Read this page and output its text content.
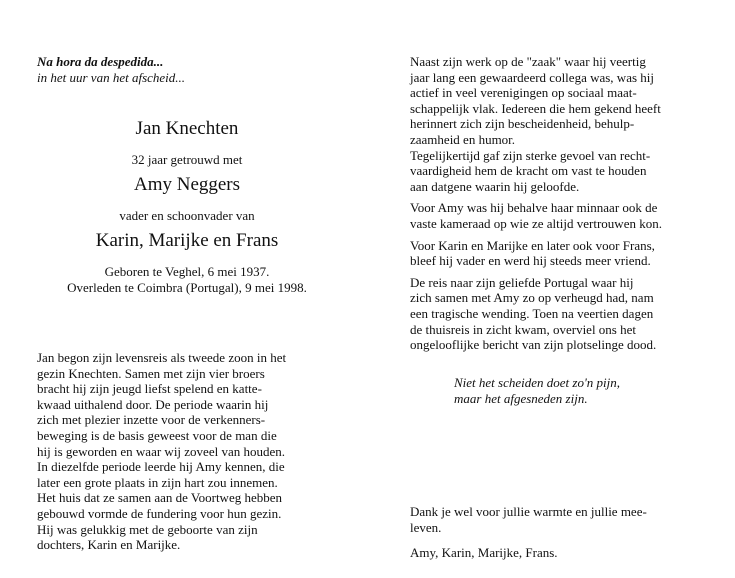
Na hora da despedida...
in het uur van het afscheid...
Jan Knechten
32 jaar getrouwd met
Amy Neggers
vader en schoonvader van
Karin, Marijke en Frans
Geboren te Veghel, 6 mei 1937.
Overleden te Coimbra (Portugal), 9 mei 1998.
Jan begon zijn levensreis als tweede zoon in het
gezin Knechten. Samen met zijn vier broers
bracht hij zijn jeugd liefst spelend en katte-
kwaad uithalend door. De periode waarin hij
zich met plezier inzette voor de verkenners-
beweging is de basis geweest voor de man die
hij is geworden en waar wij zoveel van houden.
In diezelfde periode leerde hij Amy kennen, die
later een grote plaats in zijn hart zou innemen.
Het huis dat ze samen aan de Voortweg hebben
gebouwd vormde de fundering voor hun gezin.
Hij was gelukkig met de geboorte van zijn
dochters, Karin en Marijke.
Naast zijn werk op de "zaak" waar hij veertig
jaar lang een gewaardeerd collega was, was hij
actief in veel verenigingen op sociaal maat-
schappelijk vlak. Iedereen die hem gekend heeft
herinnert zich zijn bescheidenheid, behulp-
zaamheid en humor.
Tegelijkertijd gaf zijn sterke gevoel van recht-
vaardigheid hem de kracht om vast te houden
aan datgene waarin hij geloofde.
Voor Amy was hij behalve haar minnaar ook de
vaste kameraad op wie ze altijd vertrouwen kon.
Voor Karin en Marijke en later ook voor Frans,
bleef hij vader en werd hij steeds meer vriend.
De reis naar zijn geliefde Portugal waar hij
zich samen met Amy zo op verheugd had, nam
een tragische wending. Toen na veertien dagen
de thuisreis in zicht kwam, overviel ons het
ongelooflijke bericht van zijn plotselinge dood.
Niet het scheiden doet zo'n pijn,
maar het afgesneden zijn.
Dank je wel voor jullie warmte en jullie mee-
leven.
Amy, Karin, Marijke, Frans.
